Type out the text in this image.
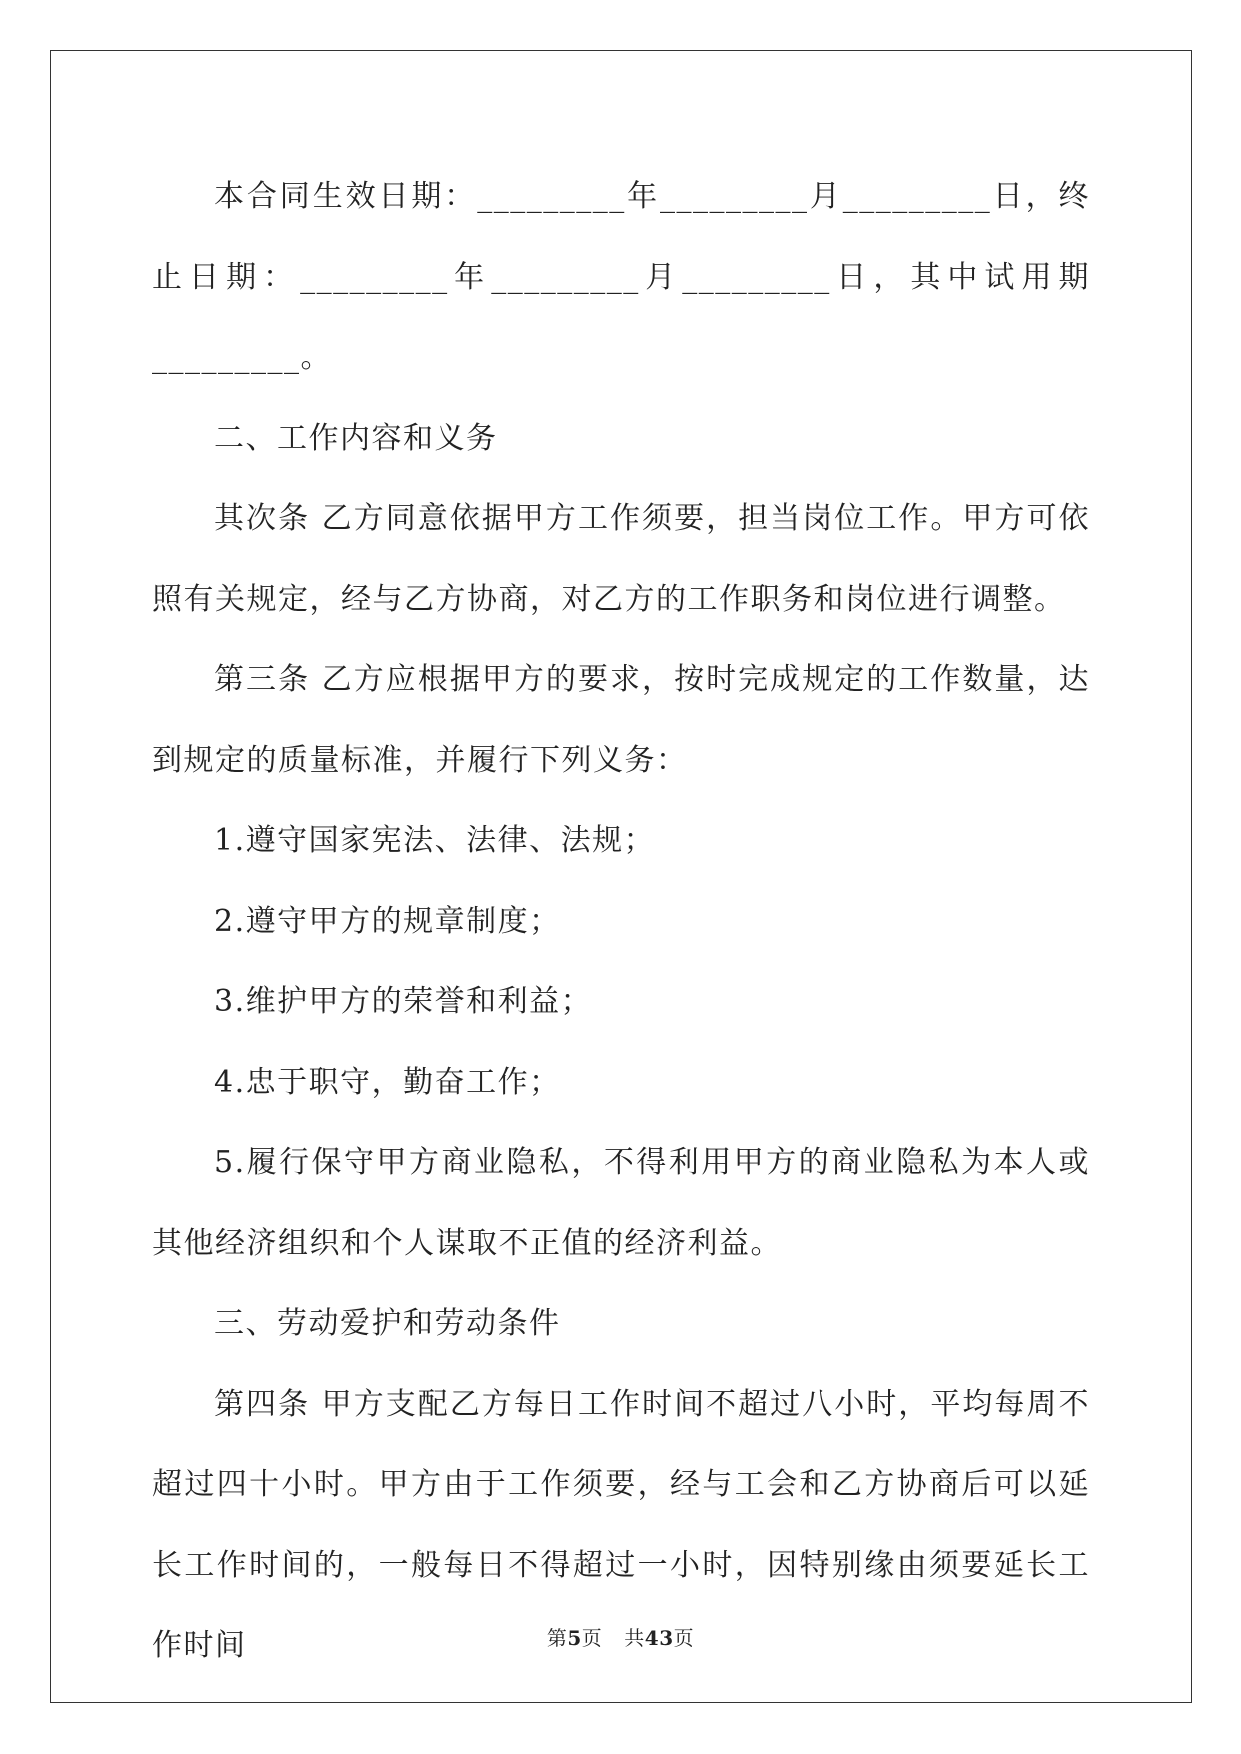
本合同生效日期：_________年_________月_________日，终止日期：_________年_________月_________日，其中试用期_________。

二、工作内容和义务

其次条 乙方同意依据甲方工作须要，担当岗位工作。甲方可依照有关规定，经与乙方协商，对乙方的工作职务和岗位进行调整。

第三条 乙方应根据甲方的要求，按时完成规定的工作数量，达到规定的质量标准，并履行下列义务：

1.遵守国家宪法、法律、法规；

2.遵守甲方的规章制度；

3.维护甲方的荣誉和利益；

4.忠于职守，勤奋工作；

5.履行保守甲方商业隐私，不得利用甲方的商业隐私为本人或其他经济组织和个人谋取不正值的经济利益。

三、劳动爱护和劳动条件

第四条 甲方支配乙方每日工作时间不超过八小时，平均每周不超过四十小时。甲方由于工作须要，经与工会和乙方协商后可以延长工作时间的，一般每日不得超过一小时，因特别缘由须要延长工作时间	第5页 共43页
